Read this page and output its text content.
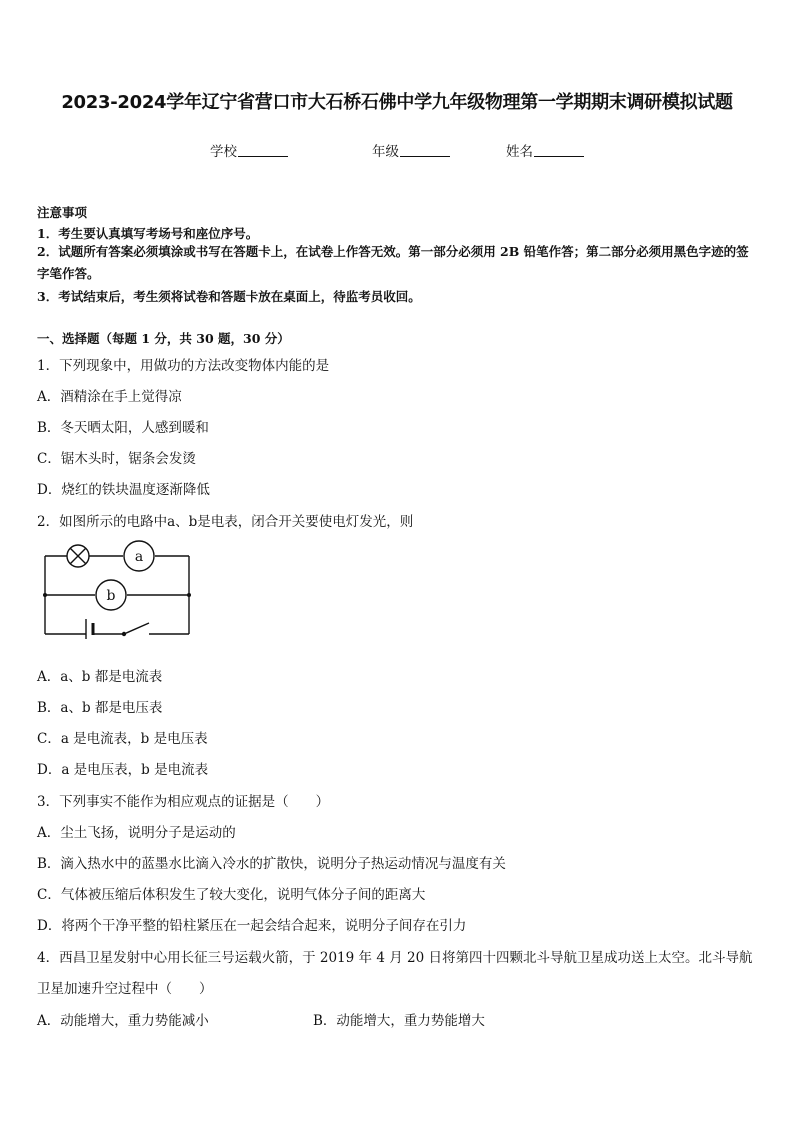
2023-2024学年辽宁省营口市大石桥石佛中学九年级物理第一学期期末调研模拟试题
学校	年级	姓名
注意事项
1．考生要认真填写考场号和座位序号。
2．试题所有答案必须填涂或书写在答题卡上，在试卷上作答无效。第一部分必须用 2B 铅笔作答；第二部分必须用黑色字迹的签字笔作答。
3．考试结束后，考生须将试卷和答题卡放在桌面上，待监考员收回。
一、选择题（每题 1 分，共 30 题，30 分）
1．下列现象中，用做功的方法改变物体内能的是
A．酒精涂在手上觉得凉
B．冬天晒太阳，人感到暖和
C．锯木头时，锯条会发烫
D．烧红的铁块温度逐渐降低
2．如图所示的电路中a、b是电表，闭合开关要使电灯发光，则
a
b
A．a、b 都是电流表
B．a、b 都是电压表
C．a 是电流表，b 是电压表
D．a 是电压表，b 是电流表
3．下列事实不能作为相应观点的证据是（　　）
A．尘土飞扬，说明分子是运动的
B．滴入热水中的蓝墨水比滴入冷水的扩散快，说明分子热运动情况与温度有关
C．气体被压缩后体积发生了较大变化，说明气体分子间的距离大
D．将两个干净平整的铅柱紧压在一起会结合起来，说明分子间存在引力
4．西昌卫星发射中心用长征三号运载火箭，于 2019 年 4 月 20 日将第四十四颗北斗导航卫星成功送上太空。北斗导航卫星加速升空过程中（　　）
A．动能增大，重力势能减小	B．动能增大，重力势能增大
